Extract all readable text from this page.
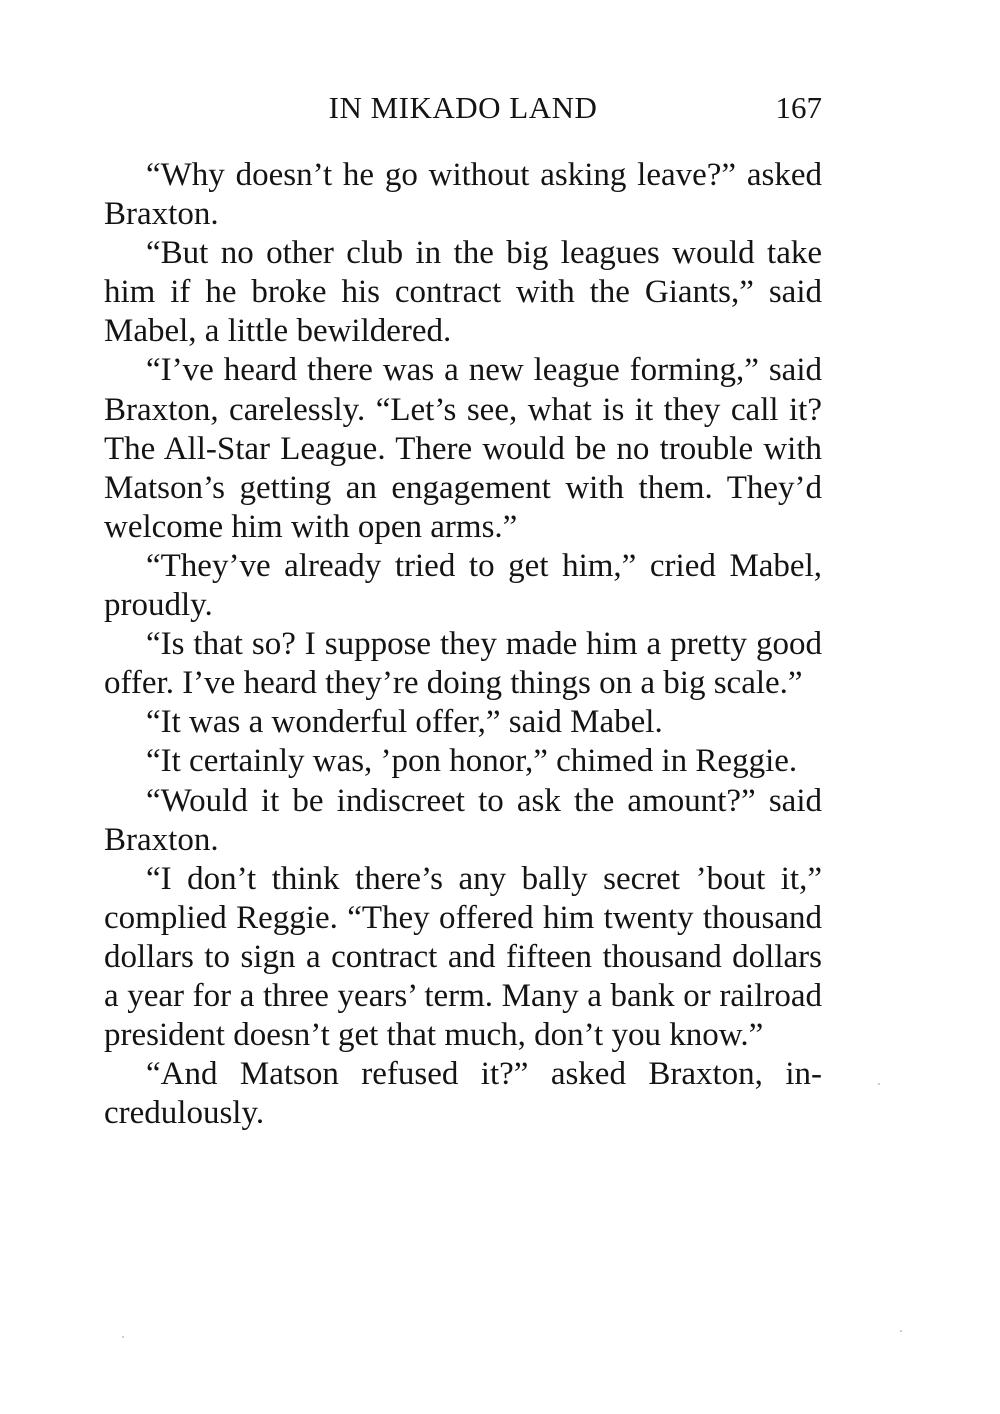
IN MIKADO LAND	167

“Why doesn’t he go without asking leave?” asked Braxton.

“But no other club in the big leagues would take him if he broke his contract with the Giants,” said Mabel, a little bewildered.

“I’ve heard there was a new league forming,” said Braxton, carelessly. “Let’s see, what is it they call it? The All-Star League. There would be no trouble with Matson’s getting an engagement with them. They’d welcome him with open arms.”

“They’ve already tried to get him,” cried Mabel, proudly.

“Is that so? I suppose they made him a pretty good offer. I’ve heard they’re doing things on a big scale.”

“It was a wonderful offer,” said Mabel.

“It certainly was, ’pon honor,” chimed in Reggie.

“Would it be indiscreet to ask the amount?” said Braxton.

“I don’t think there’s any bally secret ’bout it,” complied Reggie. “They offered him twenty thousand dollars to sign a contract and fifteen thousand dollars a year for a three years’ term. Many a bank or railroad president doesn’t get that much, don’t you know.”

“And Matson refused it?” asked Braxton, incredulously.
